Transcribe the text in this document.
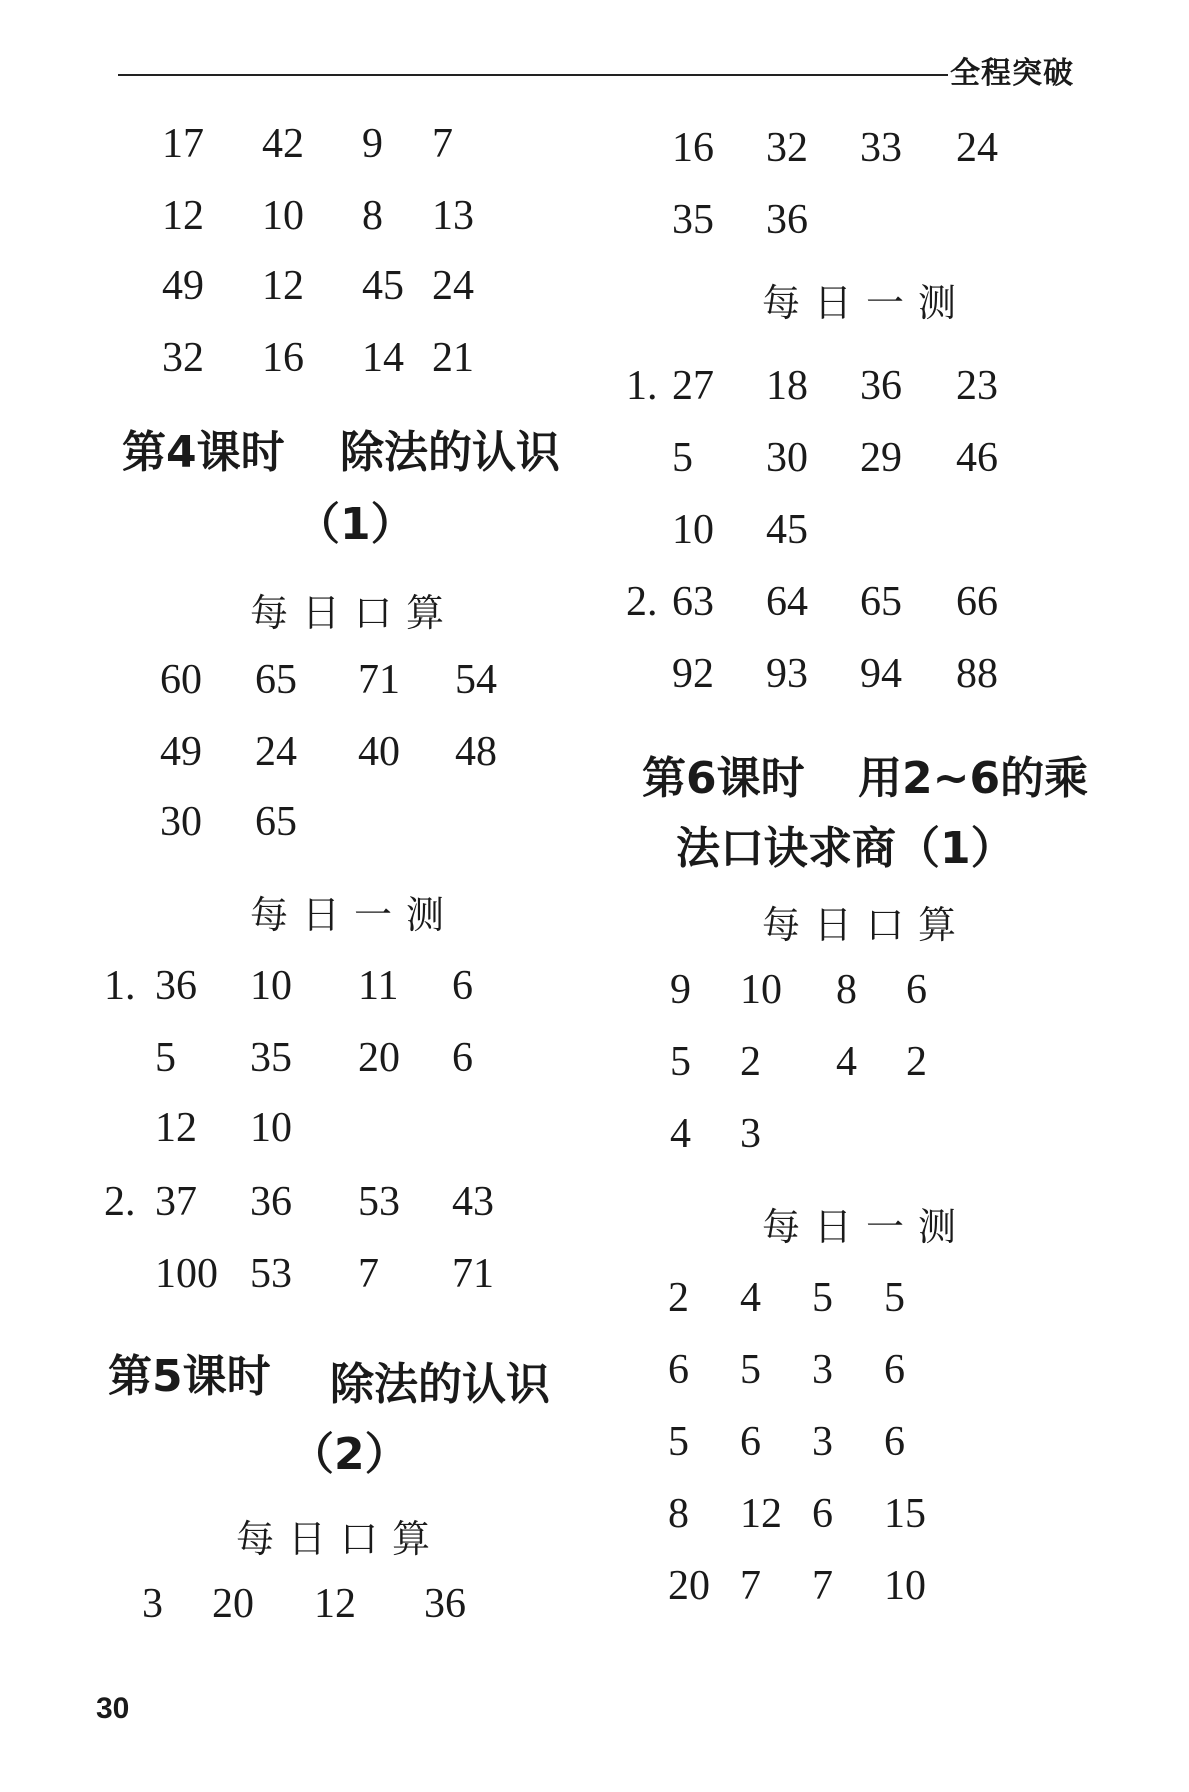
全程突破
17 42 9 7
12 10 8 13
49 12 45 24
32 16 14 21
第4课时 除法的认识
（1）
每日口算
60 65 71 54
49 24 40 48
30 65
每日一测
1. 36 10 11 6
5 35 20 6
12 10
2. 37 36 53 43
100 53 7 71
第5课时 除法的认识
（2）
每日口算
3 20 12 36
16 32 33 24
35 36
每日一测
1. 27 18 36 23
5 30 29 46
10 45
2. 63 64 65 66
92 93 94 88
第6课时 用2~6的乘
法口诀求商（1）
每日口算
9 10 8 6
5 2 4 2
4 3
每日一测
2 4 5 5
6 5 3 6
5 6 3 6
8 12 6 15
20 7 7 10
30
